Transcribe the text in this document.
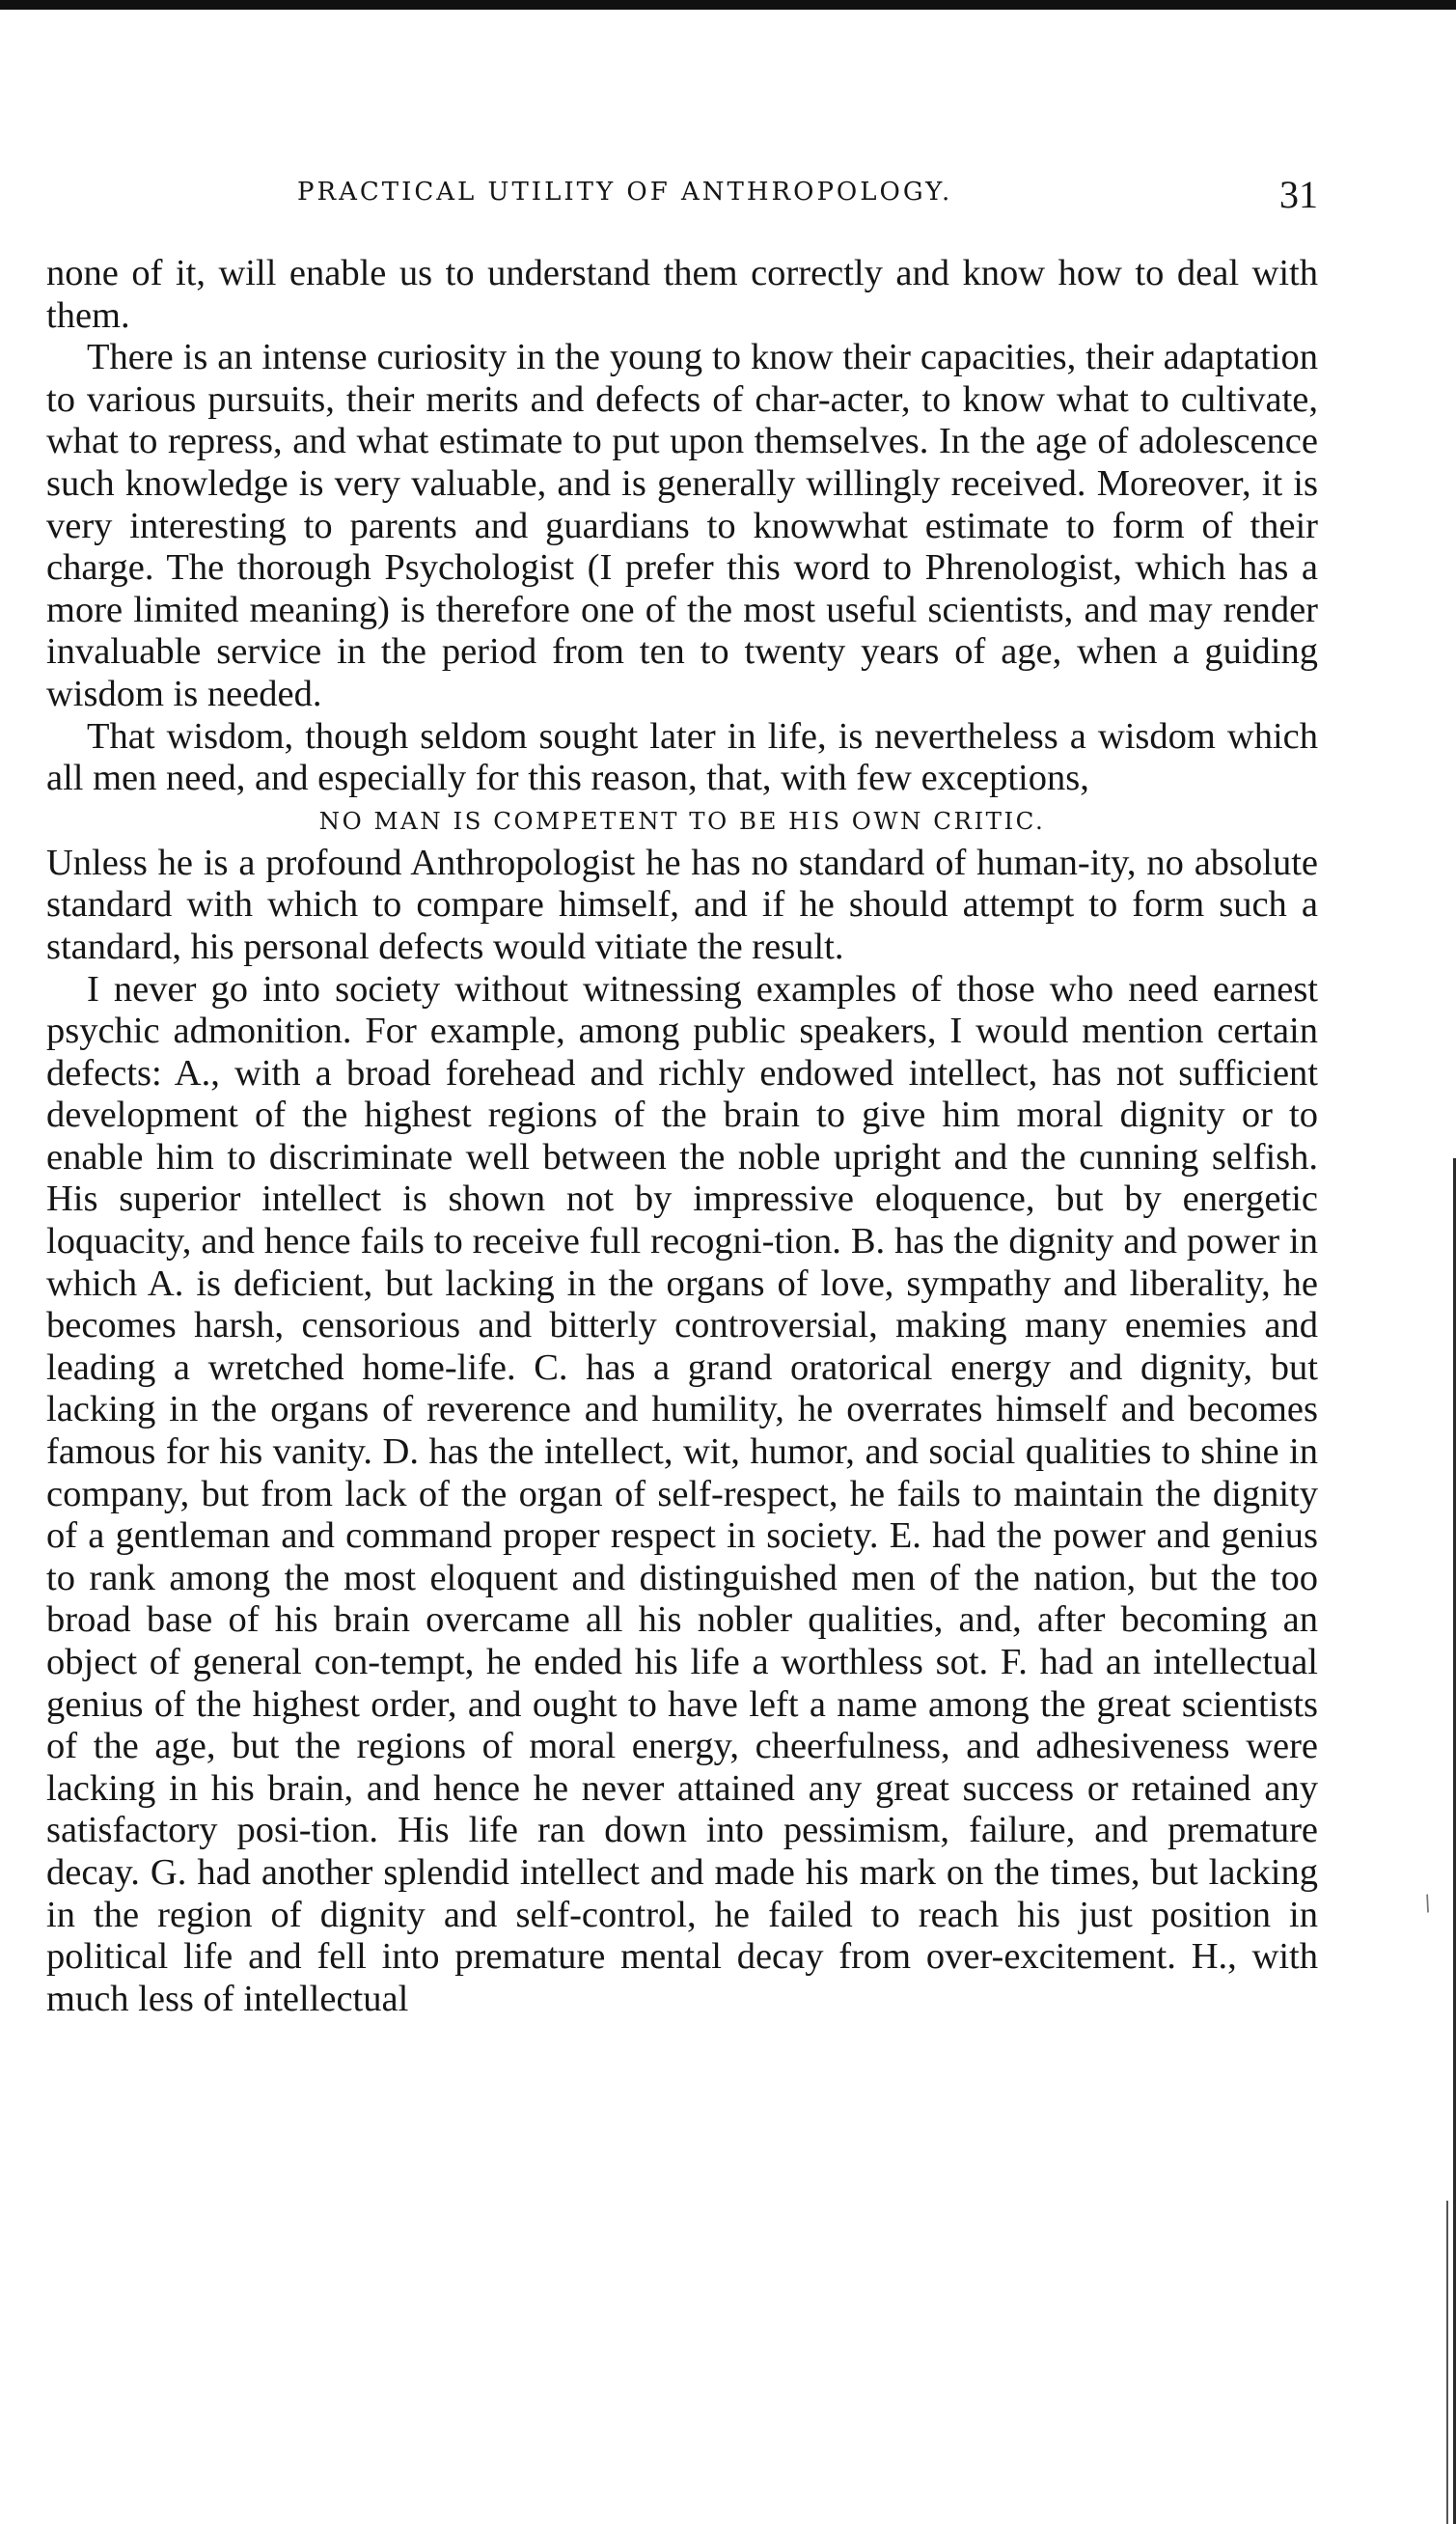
/
PRACTICAL UTILITY OF ANTHROPOLOGY.	31

none of it, will enable us to understand them correctly and know how to deal with them.

There is an intense curiosity in the young to know their capacities, their adaptation to various pursuits, their merits and defects of char-acter, to know what to cultivate, what to repress, and what estimate to put upon themselves. In the age of adolescence such knowledge is very valuable, and is generally willingly received. Moreover, it is very interesting to parents and guardians to knowwhat estimate to form of their charge. The thorough Psychologist (I prefer this word to Phrenologist, which has a more limited meaning) is therefore one of the most useful scientists, and may render invaluable service in the period from ten to twenty years of age, when a guiding wisdom is needed.

That wisdom, though seldom sought later in life, is nevertheless a wisdom which all men need, and especially for this reason, that, with few exceptions,

NO MAN IS COMPETENT TO BE HIS OWN CRITIC.

Unless he is a profound Anthropologist he has no standard of human-ity, no absolute standard with which to compare himself, and if he should attempt to form such a standard, his personal defects would vitiate the result.

I never go into society without witnessing examples of those who need earnest psychic admonition. For example, among public speakers, I would mention certain defects: A., with a broad forehead and richly endowed intellect, has not sufficient development of the highest regions of the brain to give him moral dignity or to enable him to discriminate well between the noble upright and the cunning selfish. His superior intellect is shown not by impressive eloquence, but by energetic loquacity, and hence fails to receive full recogni-tion. B. has the dignity and power in which A. is deficient, but lacking in the organs of love, sympathy and liberality, he becomes harsh, censorious and bitterly controversial, making many enemies and leading a wretched home-life. C. has a grand oratorical energy and dignity, but lacking in the organs of reverence and humility, he overrates himself and becomes famous for his vanity. D. has the intellect, wit, humor, and social qualities to shine in company, but from lack of the organ of self-respect, he fails to maintain the dignity of a gentleman and command proper respect in society. E. had the power and genius to rank among the most eloquent and distinguished men of the nation, but the too broad base of his brain overcame all his nobler qualities, and, after becoming an object of general con-tempt, he ended his life a worthless sot. F. had an intellectual genius of the highest order, and ought to have left a name among the great scientists of the age, but the regions of moral energy, cheerfulness, and adhesiveness were lacking in his brain, and hence he never attained any great success or retained any satisfactory posi-tion. His life ran down into pessimism, failure, and premature decay. G. had another splendid intellect and made his mark on the times, but lacking in the region of dignity and self-control, he failed to reach his just position in political life and fell into premature mental decay from over-excitement. H., with much less of intellectual
